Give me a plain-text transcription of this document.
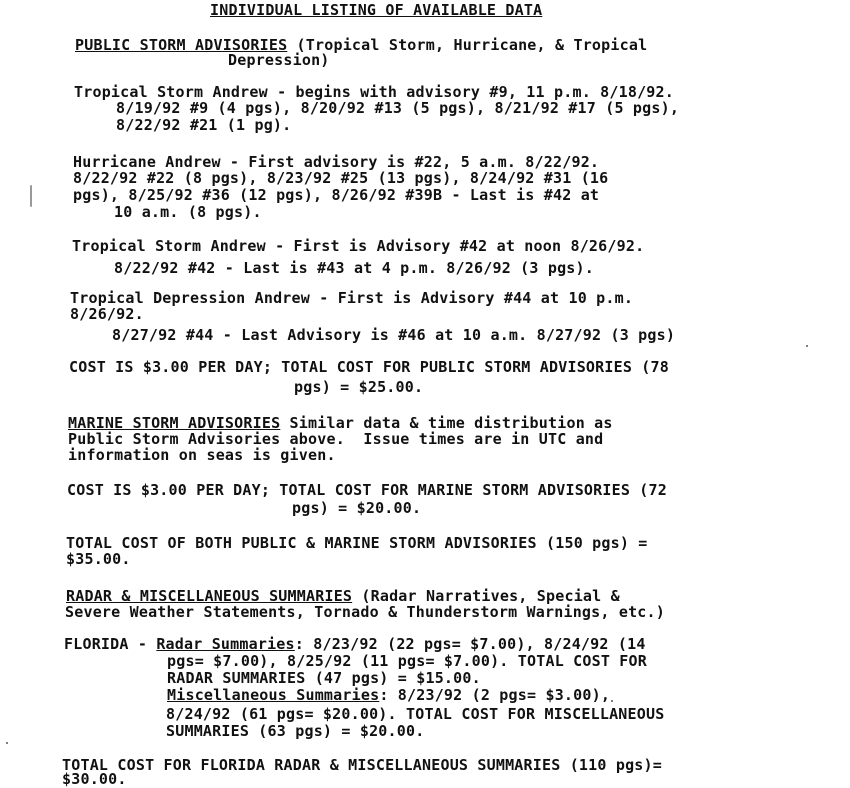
INDIVIDUAL LISTING OF AVAILABLE DATA
PUBLIC STORM ADVISORIES (Tropical Storm, Hurricane, & Tropical
Depression)
Tropical Storm Andrew - begins with advisory #9, 11 p.m. 8/18/92.
8/19/92 #9 (4 pgs), 8/20/92 #13 (5 pgs), 8/21/92 #17 (5 pgs),
8/22/92 #21 (1 pg).
Hurricane Andrew - First advisory is #22, 5 a.m. 8/22/92.
8/22/92 #22 (8 pgs), 8/23/92 #25 (13 pgs), 8/24/92 #31 (16
pgs), 8/25/92 #36 (12 pgs), 8/26/92 #39B - Last is #42 at
10 a.m. (8 pgs).
Tropical Storm Andrew - First is Advisory #42 at noon 8/26/92.
8/22/92 #42 - Last is #43 at 4 p.m. 8/26/92 (3 pgs).
Tropical Depression Andrew - First is Advisory #44 at 10 p.m.
8/26/92.
8/27/92 #44 - Last Advisory is #46 at 10 a.m. 8/27/92 (3 pgs)
COST IS $3.00 PER DAY; TOTAL COST FOR PUBLIC STORM ADVISORIES (78
pgs) = $25.00.
MARINE STORM ADVISORIES Similar data & time distribution as
Public Storm Advisories above.  Issue times are in UTC and
information on seas is given.
COST IS $3.00 PER DAY; TOTAL COST FOR MARINE STORM ADVISORIES (72
pgs) = $20.00.
TOTAL COST OF BOTH PUBLIC & MARINE STORM ADVISORIES (150 pgs) =
$35.00.
RADAR & MISCELLANEOUS SUMMARIES (Radar Narratives, Special &
Severe Weather Statements, Tornado & Thunderstorm Warnings, etc.)
FLORIDA - Radar Summaries: 8/23/92 (22 pgs= $7.00), 8/24/92 (14
pgs= $7.00), 8/25/92 (11 pgs= $7.00). TOTAL COST FOR
RADAR SUMMARIES (47 pgs) = $15.00.
Miscellaneous Summaries: 8/23/92 (2 pgs= $3.00),
8/24/92 (61 pgs= $20.00). TOTAL COST FOR MISCELLANEOUS
SUMMARIES (63 pgs) = $20.00.
TOTAL COST FOR FLORIDA RADAR & MISCELLANEOUS SUMMARIES (110 pgs)=
$30.00.
